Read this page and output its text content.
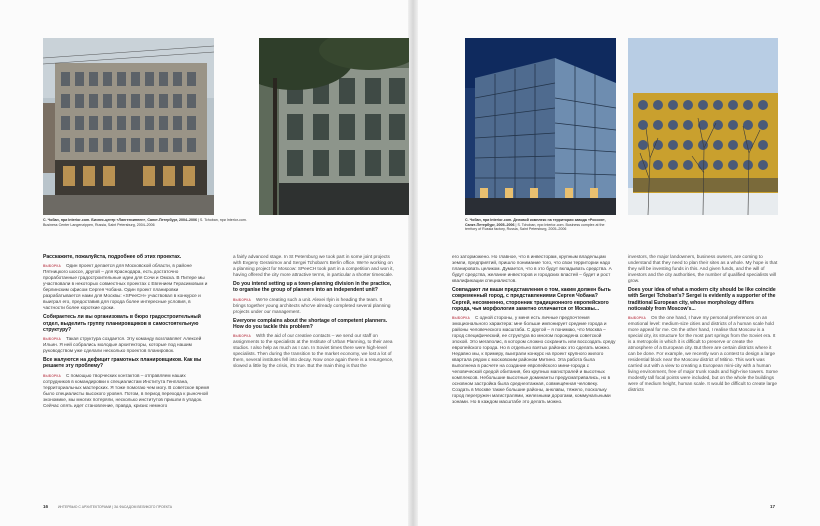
С. Чобан, при Interior-com. Бизнес-центр «Лангензиппен», Санкт-Петербург, 2004–2006 | S. Tchoban, при Interior-com. Business Center Langenzippen, Russia, Saint Petersburg, 2004–2006
С. Чобан, при Interior-com. Деловой комплекс на территории завода «Россия», Санкт-Петербург, 2005–2006 | S. Tchoban, при Interior-com. Business complex at the territory of Russia factory, Russia, Saint Petersburg, 2005–2006

Расскажите, пожалуйста, подробнее об этих проектах.

ВЫБОРКА Один проект делается для Московской области, в районе Пятницкого шоссе, другой – для Краснодара, есть достаточно проработанные градостроительные идеи для Сочи и Омска. В Питере мы участвовали в некоторых совместных проектах с Евгением Герасимовым и берлинским офисом Сергея Чобана. Один проект планировки разрабатывается нами для Москвы: «SPeeCH» участвовал в конкурсе и выиграл его, предоставив для города более интересные условия, в частности более короткие сроки.

Собираетесь ли вы организовать в бюро градостроительный отдел, выделить группу планировщиков в самостоятельную структуру?

ВЫБОРКА Такая структура создается. Эту команду возглавляет Алексей Ильин. Я ней собрались молодые архитекторы, которые под нашим руководством уже сделали несколько проектов планировок.

Все жалуются на дефицит грамотных планировщиков. Как вы решаете эту проблему?

ВЫБОРКА С помощью творческих контактов – отправляем наших сотрудников в командировки к специалистам Института Генплана, территориальных мастерских. Я тоже помогаю чем могу. В советское время было специалисты высокого уровня. Потом, в период перехода к рыночной экономике, мы многих потеряли, несколько институтов пришли в упадок. Сейчас опять идет становление, правда, кризис немного

a fairly advanced stage. In St Petersburg we took part in some joint projects with Evgeny Gerasimov and Sergei Tchoban's Berlin office. We're working on a planning project for Moscow: SPeeCH took part in a competition and won it, having offered the city more attractive terms, in particular a shorter timescale.

Do you intend setting up a town-planning division in the practice, to organise the group of planners into an independent unit?

ВЫБОРКА We're creating such a unit. Alexei Ilyin is heading the team. It brings together young architects who've already completed several planning projects under our management.

Everyone complains about the shortage of competent planners. How do you tackle this problem?

ВЫБОРКА With the aid of our creative contacts – we send our staff on assignments to the specialists at the Institute of Urban Planning, to their area studios. I also help as much as I can. In Soviet times there were high-level specialists. Then during the transition to the market economy, we lost a lot of them, several institutes fell into decay. Now once again there is a resurgence, slowed a little by the crisis, it's true. But the main thing is that the

его заторможено. Но главное, что в инвесторам, крупным владельцам земли, предприятий, пришло понимание того, что свои территории надо планировать целиком. Думается, что в это будут вкладывать средства. А будут средства, желание инвесторов и городских властей – будет и рост квалификации специалистов.

Совпадают ли ваши представления о том, каким должен быть современный город, с представлениями Сергея Чобана? Сергей, несомненно, сторонник традиционного европейского города, чья морфология заметно отличается от Москвы...

ВЫБОРКА С одной стороны, у меня есть личные предпочтения эмоционального характера: мне больше импонирует средние города и районы человеческого масштаба. С другой – я понимаю, что Москва – город специфический, ее структура во многом порождена советской эпохой. Это мегаполис, в котором сложно сохранить или воссоздать среду европейского города. Но в отдельно взятых районах это сделать можно. Недавно мы, к примеру, выиграли конкурс на проект крупного жилого квартала рядом с московским районом Митино. Эта работа была выполнена в расчете на создание европейского мини-города с человеческой средой обитания, без крупных магистралей и высотных комплексов. Небольшие высотные доминанты предусматривались, но в основном застройка была среднеэтажная, совмещённая человеку. Создать в Москве также большие районы, анклавы, тяжело, поскольку город перегружен магистралями, железными дорогами, коммунальными зонами. Но в каждом масштабе это делать можно.

investors, the major landowners, business owners, are coming to understand that they need to plan their sites as a whole. My hope is that they will be investing funds in this. And given funds, and the will of investors and the city authorities, the number of qualified specialists will grow.

Does your idea of what a modern city should be like coincide with Sergei Tchoban's? Sergei is evidently a supporter of the traditional European city, whose morphology differs noticeably from Moscow's...

ВЫБОРКА On the one hand, I have my personal preferences on an emotional level: medium-size cities and districts of a human scale hold more appeal for me. On the other hand, I realise that Moscow is a special city, its structure for the most part springs from the Soviet era. It is a metropolis in which it is difficult to preserve or create the atmosphere of a European city. But there are certain districts where it can be done. For example, we recently won a contest to design a large residential block near the Moscow district of Mitino. This work was carried out with a view to creating a European mini-city with a human living environment, free of major trunk roads and high-rise towers. Some modestly tall focal points were included, but on the whole the buildings were of medium height, human scale. It would be difficult to create large districts

16	ИНТЕРВЬЮ С АРХИТЕКТОРАМИ | ЗА ФАСАДОМ ВЕЛИКОГО ПРОЕКТА	17
